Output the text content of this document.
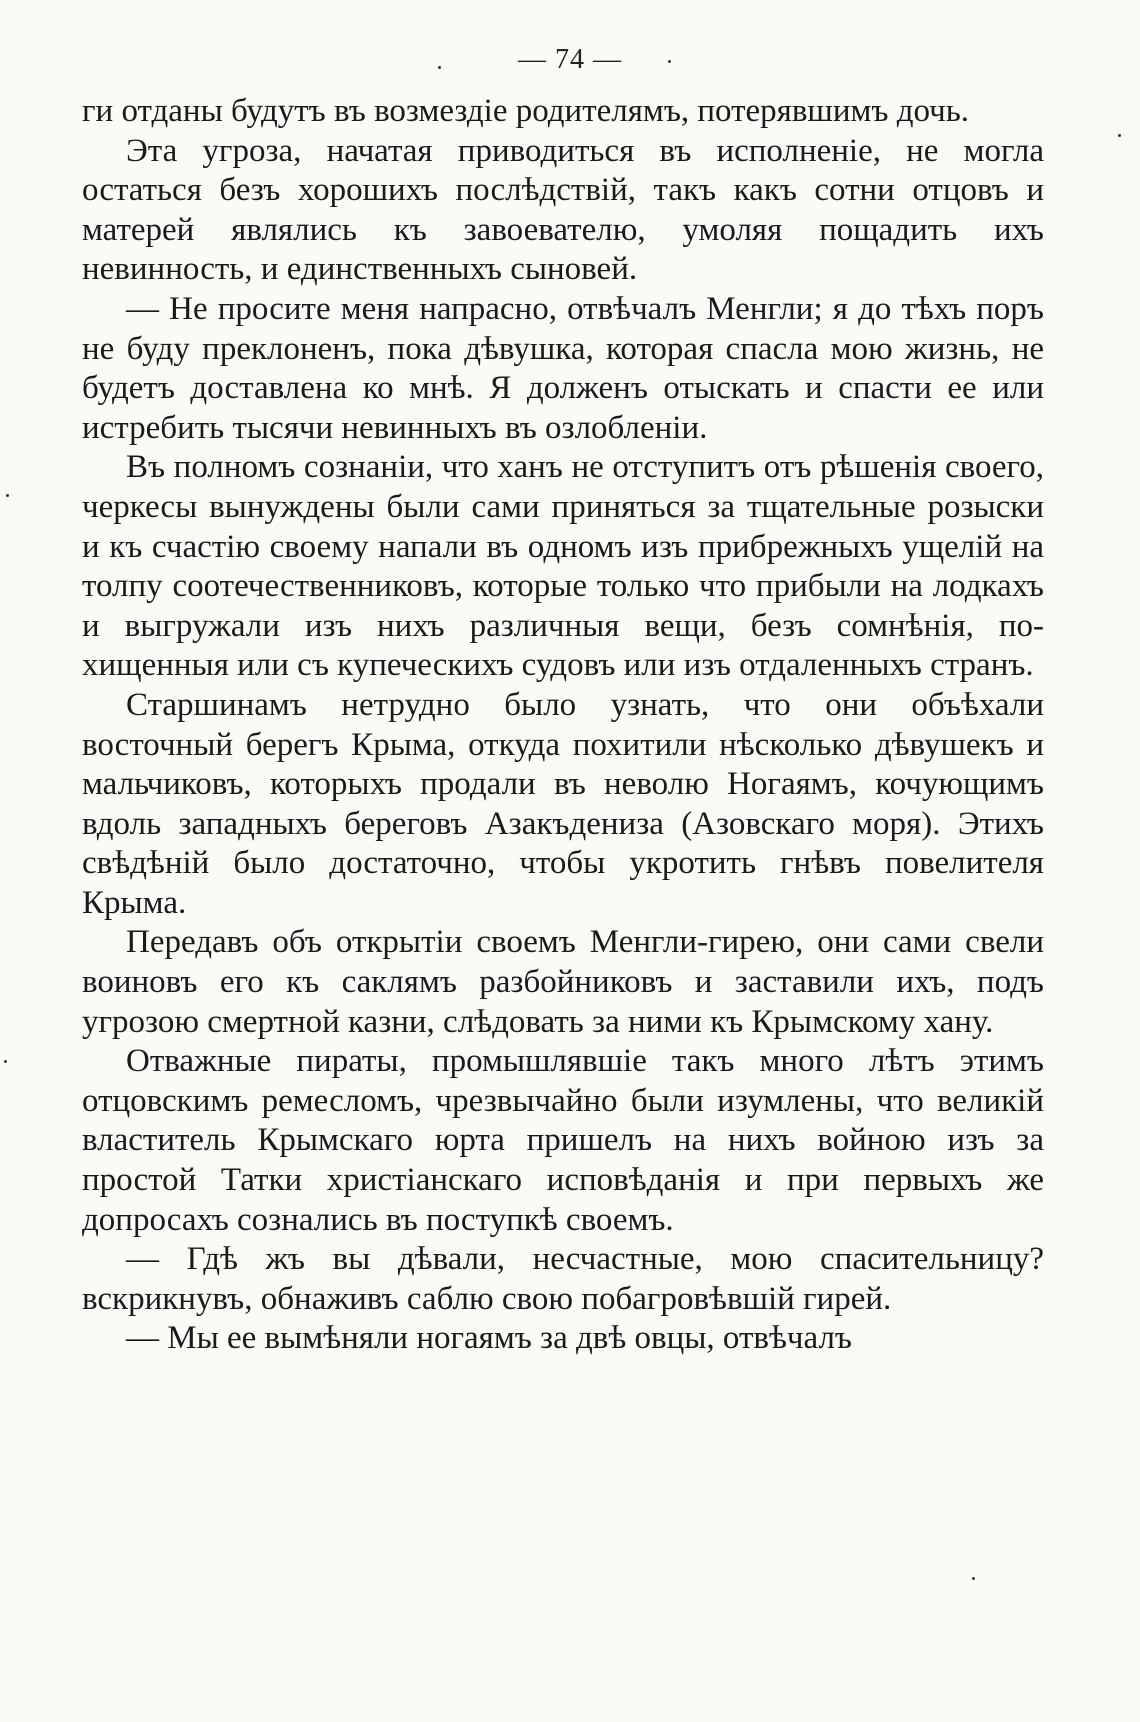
— 74 —

ги отданы будутъ въ возмездіе родителямъ, потерявшимъ дочь.

Эта угроза, начатая приводиться въ исполненіе, не могла остаться безъ хорошихъ послѣдствій, такъ какъ сотни отцовъ и матерей являлись къ завоевателю, умоляя пощадить ихъ невинность, и единственныхъ сыновей.

— Не просите меня напрасно, отвѣчалъ Менгли; я до тѣхъ поръ не буду преклоненъ, пока дѣвушка, которая спасла мою жизнь, не будетъ доставлена ко мнѣ. Я долженъ отыскать и спасти ее или истребить тысячи невинныхъ въ озлобленіи.

Въ полномъ сознаніи, что ханъ не отступитъ отъ рѣшенія своего, черкесы вынуждены были сами приняться за тщательные розыски и къ счастію своему напали въ одномъ изъ прибрежныхъ ущелій на толпу соотечественниковъ, которые только что прибыли на лодкахъ и выгружали изъ нихъ различныя вещи, безъ сомнѣнія, похищенныя или съ купеческихъ судовъ или изъ отдаленныхъ странъ.

Старшинамъ нетрудно было узнать, что они объѣхали восточный берегъ Крыма, откуда похитили нѣсколько дѣвушекъ и мальчиковъ, которыхъ продали въ неволю Ногаямъ, кочующимъ вдоль западныхъ береговъ Азакъдениза (Азовскаго моря). Этихъ свѣдѣній было достаточно, чтобы укротить гнѣвъ повелителя Крыма.

Передавъ объ открытіи своемъ Менгли-гирею, они сами свели воиновъ его къ саклямъ разбойниковъ и заставили ихъ, подъ угрозою смертной казни, слѣдовать за ними къ Крымскому хану.

Отважные пираты, промышлявшіе такъ много лѣтъ этимъ отцовскимъ ремесломъ, чрезвычайно были изумлены, что великій властитель Крымскаго юрта пришелъ на нихъ войною изъ за простой Татки христіанскаго исповѣданія и при первыхъ же допросахъ сознались въ поступкѣ своемъ.

— Гдѣ жъ вы дѣвали, несчастные, мою спасительницу? вскрикнувъ, обнаживъ саблю свою побагровѣвшій гирей.

— Мы ее вымѣняли ногаямъ за двѣ овцы, отвѣчалъ
